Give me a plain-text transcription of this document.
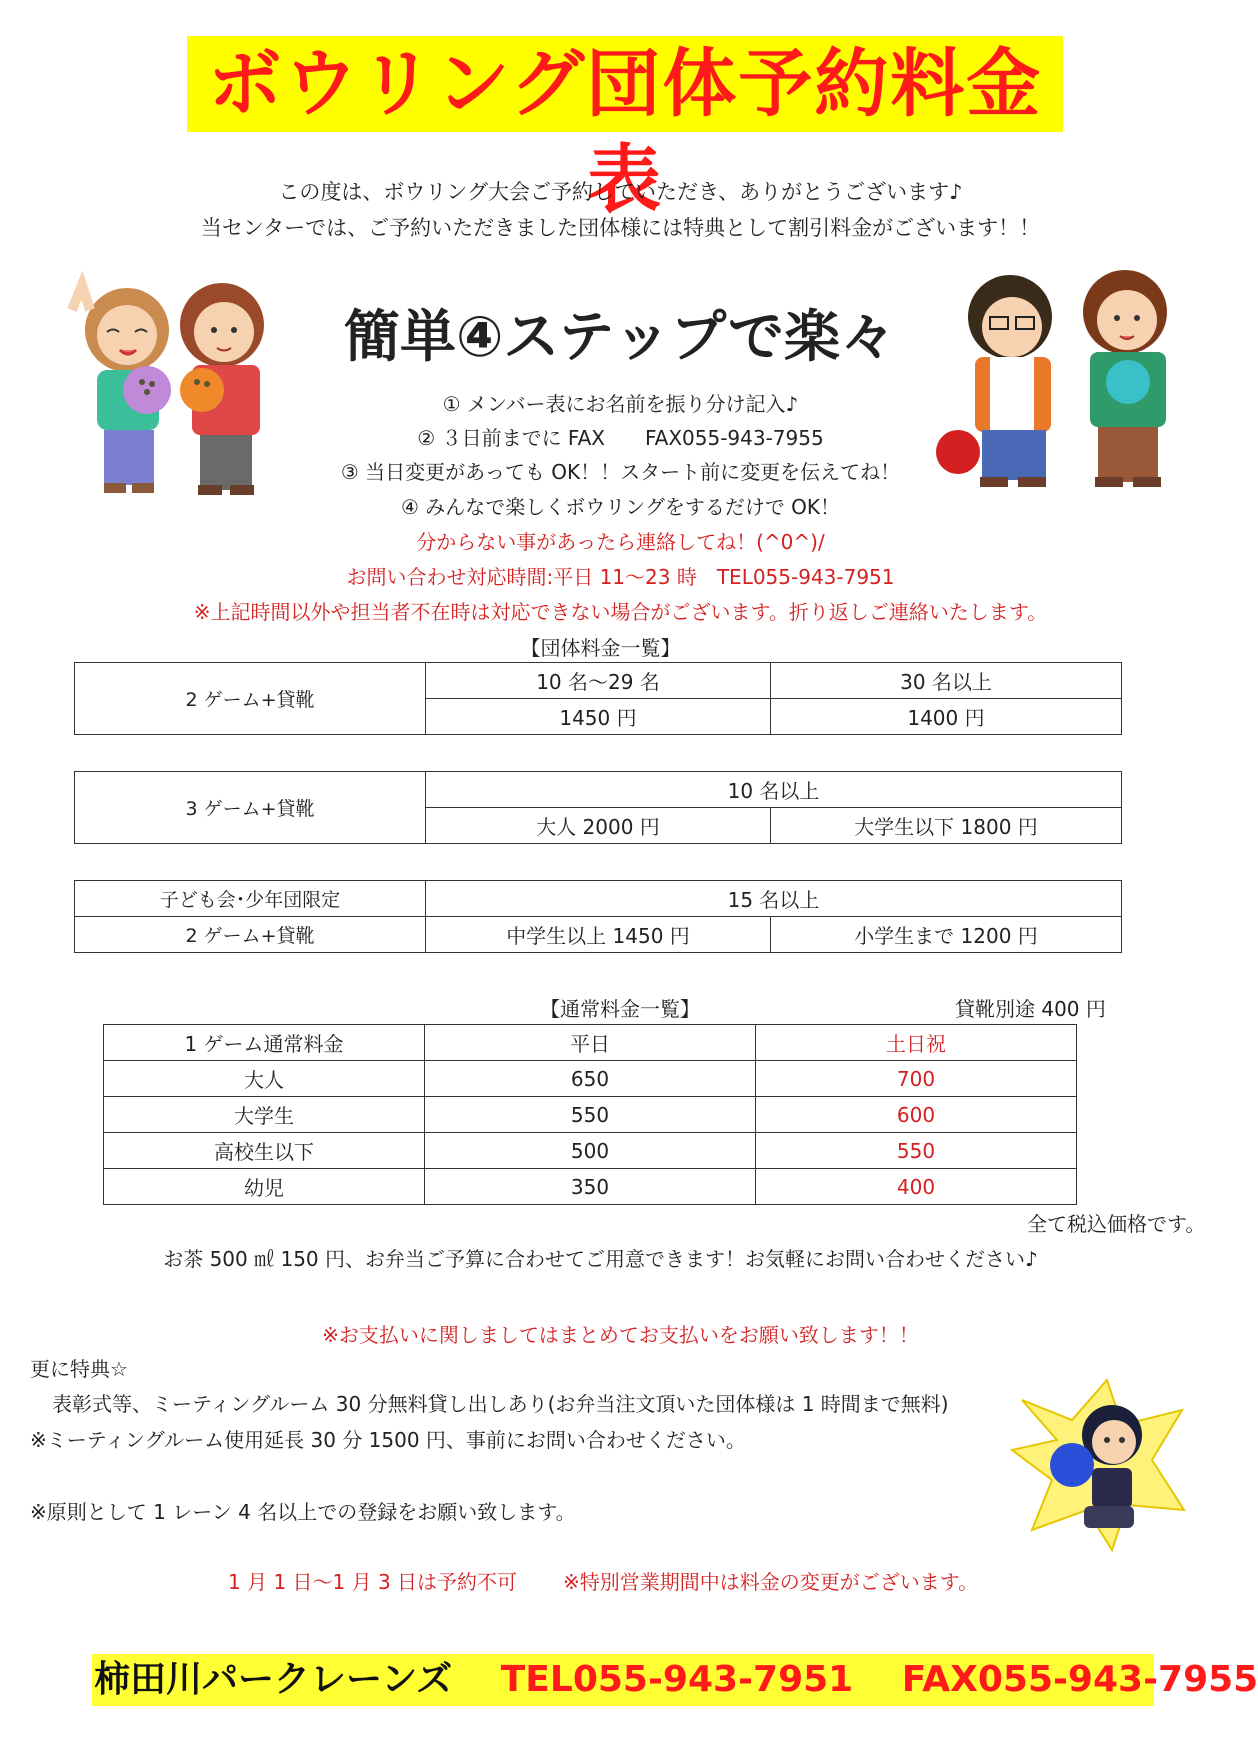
ボウリング団体予約料金表
この度は、ボウリング大会ご予約していただき、ありがとうございます♪
当センターでは、ご予約いただきました団体様には特典として割引料金がございます！！
簡単④ステップで楽々
① メンバー表にお名前を振り分け記入♪
② ３日前までに FAX　　FAX055-943-7955
③ 当日変更があっても OK！！スタート前に変更を伝えてね！
④ みんなで楽しくボウリングをするだけで OK！
分からない事があったら連絡してね！(^0^)/
お問い合わせ対応時間:平日 11～23 時　TEL055-943-7951
※上記時間以外や担当者不在時は対応できない場合がございます。折り返しご連絡いたします。
【団体料金一覧】
2 ゲーム+貸靴	10 名～29 名	30 名以上
	1450 円	1400 円
3 ゲーム+貸靴	10 名以上	
	大人 2000 円	大学生以下 1800 円
子ども会･少年団限定	15 名以上	
2 ゲーム+貸靴	中学生以上 1450 円	小学生まで 1200 円
【通常料金一覧】	貸靴別途 400 円
1 ゲーム通常料金	平日	土日祝
大人	650	700
大学生	550	600
高校生以下	500	550
幼児	350	400
全て税込価格です。
お茶 500 ㎖ 150 円、お弁当ご予算に合わせてご用意できます！お気軽にお問い合わせください♪
※お支払いに関しましてはまとめてお支払いをお願い致します！！
更に特典☆
表彰式等、ミーティングルーム 30 分無料貸し出しあり(お弁当注文頂いた団体様は 1 時間まで無料)
※ミーティングルーム使用延長 30 分 1500 円、事前にお問い合わせください。
※原則として 1 レーン 4 名以上での登録をお願い致します。
1 月 1 日～1 月 3 日は予約不可 ※特別営業期間中は料金の変更がございます。
柿田川パークレーンズ TEL055-943-7951 FAX055-943-7955
